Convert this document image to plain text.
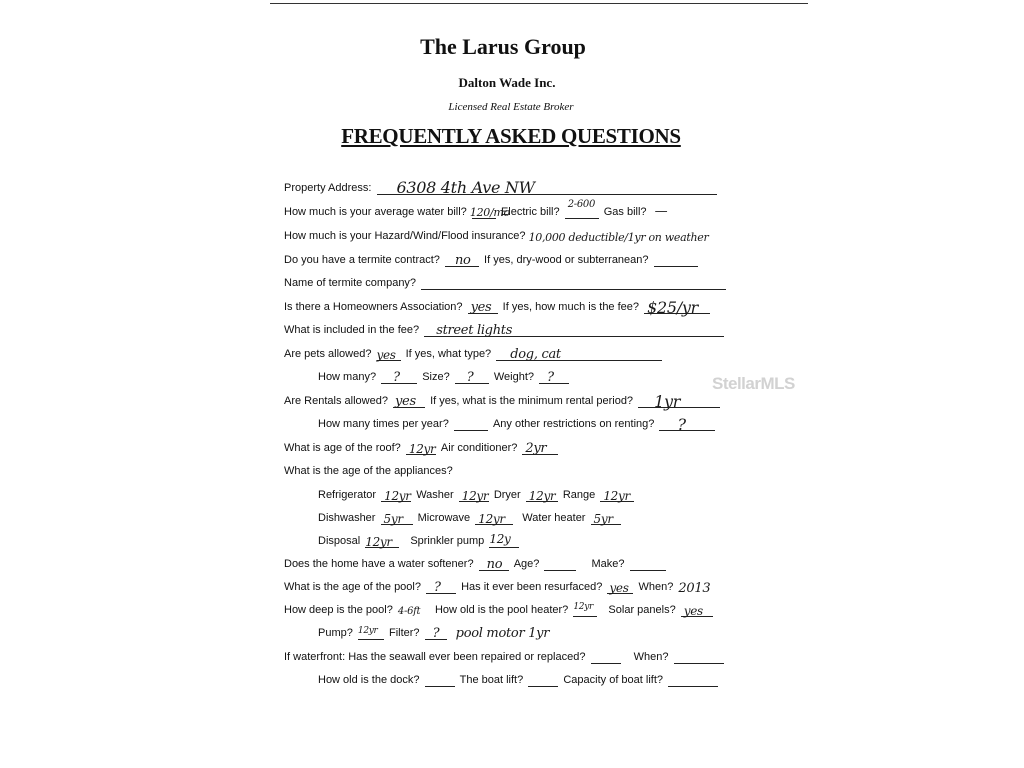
The Larus Group
Dalton Wade Inc.
Licensed Real Estate Broker
FREQUENTLY ASKED QUESTIONS
StellarMLS
Property Address: 6308 4th Ave NW
How much is your average water bill? 120/mo
Electric bill?
2-600
Gas bill? —
How much is your Hazard/Wind/Flood insurance? 10,000 deductible/1yr on weather
Do you have a termite contract? no If yes, dry-wood or subterranean?
Name of termite company?
Is there a Homeowners Association? yes If yes, how much is the fee? $25/yr
What is included in the fee? street lights
Are pets allowed? yes If yes, what type? dog, cat
How many? ? Size? ? Weight? ?
Are Rentals allowed? yes If yes, what is the minimum rental period? 1yr
How many times per year?	Any other restrictions on renting? ?
What is age of the roof? 12yr Air conditioner? 2yr
What is the age of the appliances?
Refrigerator 12yr Washer 12yr Dryer 12yr Range 12yr
Dishwasher 5yr Microwave 12yr Water heater 5yr
Disposal 12yr Sprinkler pump 12y
Does the home have a water softener? no Age?	Make?
What is the age of the pool? ? Has it ever been resurfaced? yes When? 2013
How deep is the pool? 4-6ft How old is the pool heater? 12yr Solar panels? yes
Pump? 12yr Filter? ? pool motor 1yr
If waterfront: Has the seawall ever been repaired or replaced?	When?
How old is the dock?	The boat lift?	Capacity of boat lift?
